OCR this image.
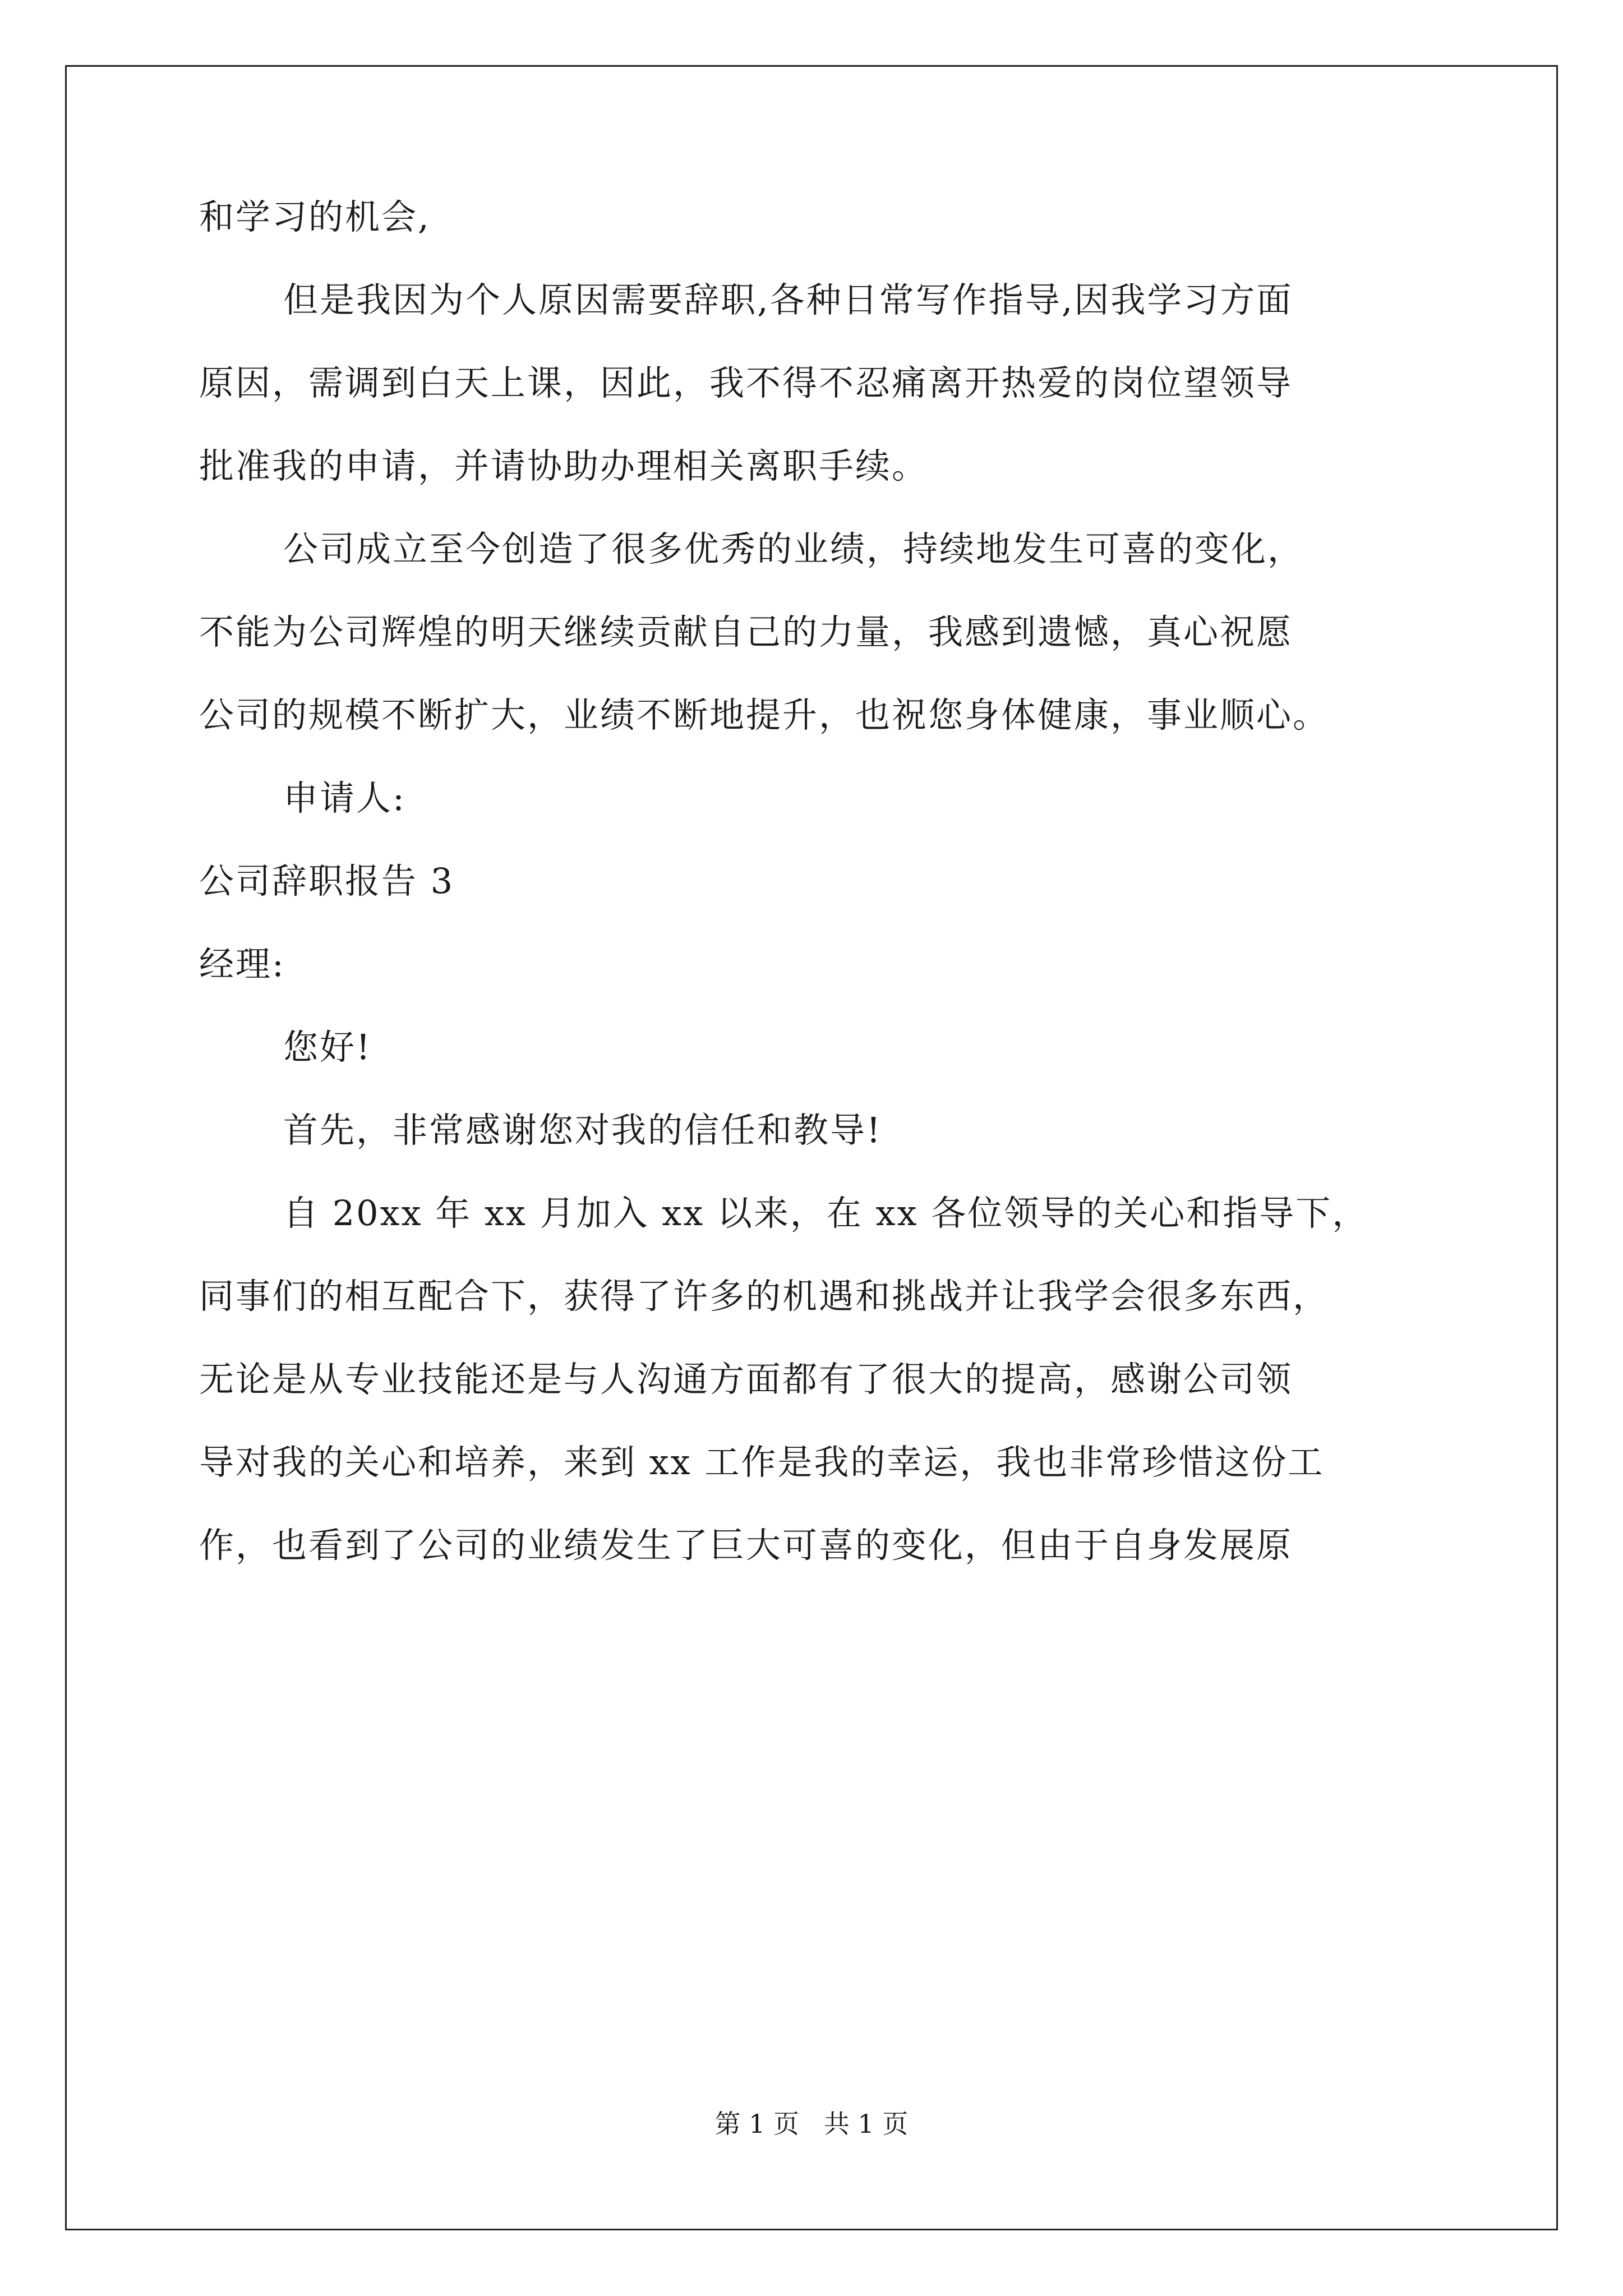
和学习的机会,
但是我因为个人原因需要辞职,各种日常写作指导,因我学习方面
原因，需调到白天上课，因此，我不得不忍痛离开热爱的岗位望领导
批准我的申请，并请协助办理相关离职手续。
公司成立至今创造了很多优秀的业绩，持续地发生可喜的变化，
不能为公司辉煌的明天继续贡献自己的力量，我感到遗憾，真心祝愿
公司的规模不断扩大，业绩不断地提升，也祝您身体健康，事业顺心。
申请人:
公司辞职报告 3
经理:
您好!
首先，非常感谢您对我的信任和教导!
自 20xx 年 xx 月加入 xx 以来，在 xx 各位领导的关心和指导下，
同事们的相互配合下，获得了许多的机遇和挑战并让我学会很多东西，
无论是从专业技能还是与人沟通方面都有了很大的提高，感谢公司领
导对我的关心和培养，来到 xx 工作是我的幸运，我也非常珍惜这份工
作，也看到了公司的业绩发生了巨大可喜的变化，但由于自身发展原
第 1 页   共 1 页
